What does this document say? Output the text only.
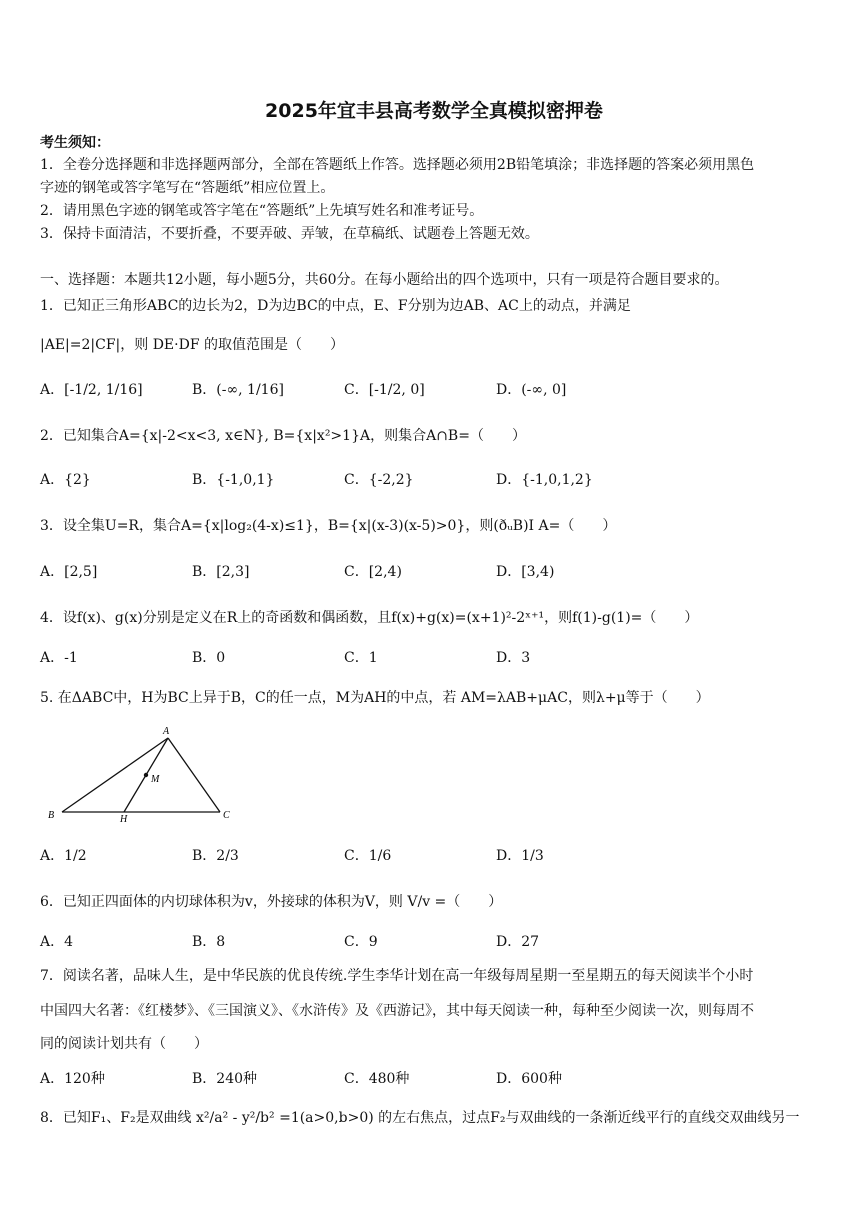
2025年宜丰县高考数学全真模拟密押卷
考生须知：
1．全卷分选择题和非选择题两部分，全部在答题纸上作答。选择题必须用2B铅笔填涂；非选择题的答案必须用黑色
字迹的钢笔或答字笔写在“答题纸”相应位置上。
2．请用黑色字迹的钢笔或答字笔在“答题纸”上先填写姓名和准考证号。
3．保持卡面清洁，不要折叠，不要弄破、弄皱，在草稿纸、试题卷上答题无效。
一、选择题：本题共12小题，每小题5分，共60分。在每小题给出的四个选项中，只有一项是符合题目要求的。
1．已知正三角形ABC的边长为2，D为边BC的中点，E、F分别为边AB、AC上的动点，并满足
|AE|=2|CF|，则 DE·DF 的取值范围是（　　）
A．[-1/2, 1/16]	B．(-∞, 1/16]	C．[-1/2, 0]	D．(-∞, 0]
2．已知集合A={x|-2<x<3, x∈N}, B={x|x²>1}A，则集合A∩B=（　　）
A．{2}	B．{-1,0,1}	C．{-2,2}	D．{-1,0,1,2}
3．设全集U=R，集合A={x|log₂(4-x)≤1}，B={x|(x-3)(x-5)>0}，则(ðᵤB)Ι A=（　　）
A．[2,5]	B．[2,3]	C．[2,4)	D．[3,4)
4．设f(x)、g(x)分别是定义在R上的奇函数和偶函数，且f(x)+g(x)=(x+1)²-2ˣ⁺¹，则f(1)-g(1)=（　　）
A．-1	B．0	C．1	D．3
5. 在ΔABC中，H为BC上异于B，C的任一点，M为AH的中点，若 AM=λAB+μAC，则λ+μ等于（　　）
A
M
B	H	C
A．1/2	B．2/3	C．1/6	D．1/3
6．已知正四面体的内切球体积为v，外接球的体积为V，则 V/v =（　　）
A．4	B．8	C．9	D．27
7．阅读名著，品味人生，是中华民族的优良传统.学生李华计划在高一年级每周星期一至星期五的每天阅读半个小时
中国四大名著：《红楼梦》、《三国演义》、《水浒传》及《西游记》，其中每天阅读一种，每种至少阅读一次，则每周不
同的阅读计划共有（　　）
A．120种	B．240种	C．480种	D．600种
8．已知F₁、F₂是双曲线 x²/a² - y²/b² =1(a>0,b>0) 的左右焦点，过点F₂与双曲线的一条渐近线平行的直线交双曲线另一
